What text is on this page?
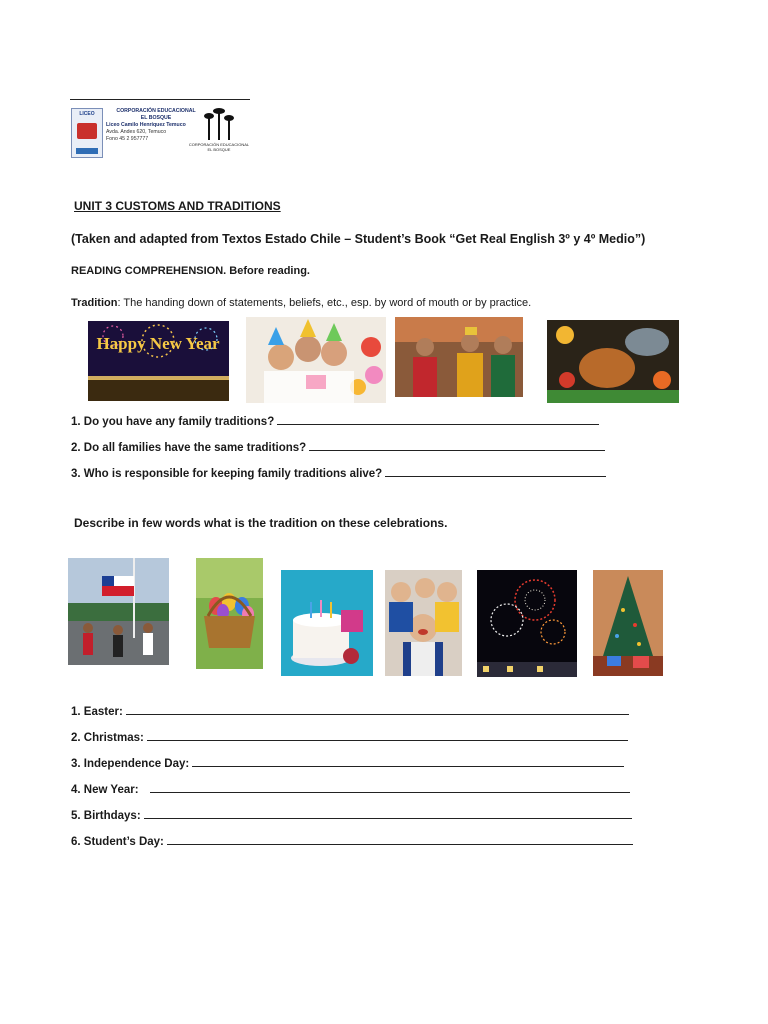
LICEO	CORPORACIÓN EDUCACIONAL
EL BOSQUE
Liceo Camilo Henríquez Temuco
Avda. Andes 620, Temuco
Fono 45 2 957777
CORPORACIÓN EDUCACIONAL EL BOSQUE
UNIT 3 CUSTOMS AND TRADITIONS
(Taken and adapted from Textos Estado Chile – Student’s Book “Get Real English 3º y 4º Medio”)
READING COMPREHENSION. Before reading.
Tradition: The handing down of statements, beliefs, etc., esp. by word of mouth or by practice.
Happy New Year
1. Do you have any family traditions?
2. Do all families have the same traditions?
3. Who is responsible for keeping family traditions alive?
Describe in few words what is the tradition on these celebrations.
1. Easter:
2. Christmas:
3. Independence Day:
4. New Year:
5. Birthdays:
6. Student’s Day:
